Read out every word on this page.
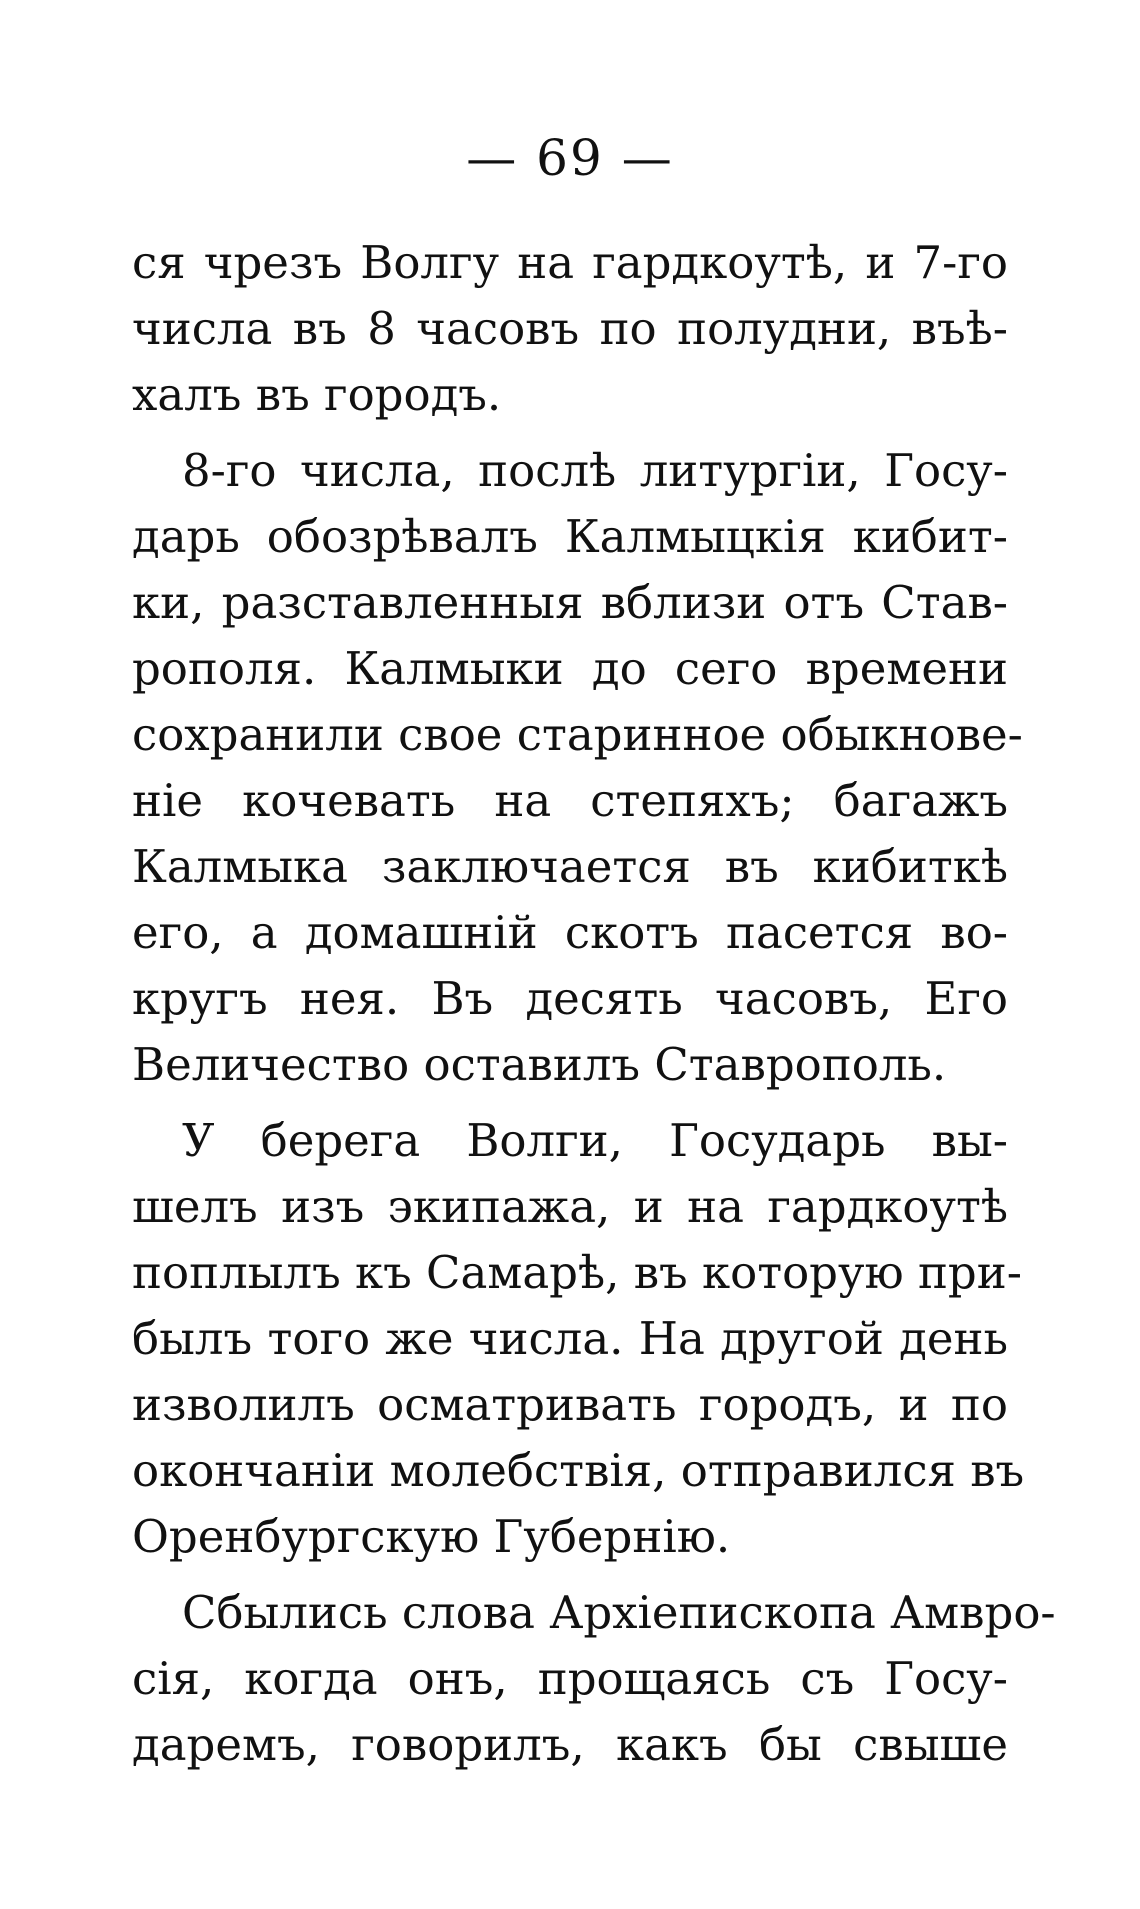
— 69 —
ся чрезъ Волгу на гардкоутѣ, и 7-го
числа въ 8 часовъ по полудни, въѣ-
халъ въ городъ.
8-го числа, послѣ литургіи, Госу-
дарь обозрѣвалъ Калмыцкія кибит-
ки, разставленныя вблизи отъ Став-
рополя. Калмыки до сего времени
сохранили свое старинное обыкнове-
ніе кочевать на степяхъ; багажъ
Калмыка заключается въ кибиткѣ
его, а домашній скотъ пасется во-
кругъ нея. Въ десять часовъ, Его
Величество оставилъ Ставрополь.
У берега Волги, Государь вы-
шелъ изъ экипажа, и на гардкоутѣ
поплылъ къ Самарѣ, въ которую при-
былъ того же числа. На другой день
изволилъ осматривать городъ, и по
окончаніи молебствія, отправился въ
Оренбургскую Губернію.
Сбылись слова Архіепископа Амвро-
сія, когда онъ, прощаясь съ Госу-
даремъ, говорилъ, какъ бы свыше
